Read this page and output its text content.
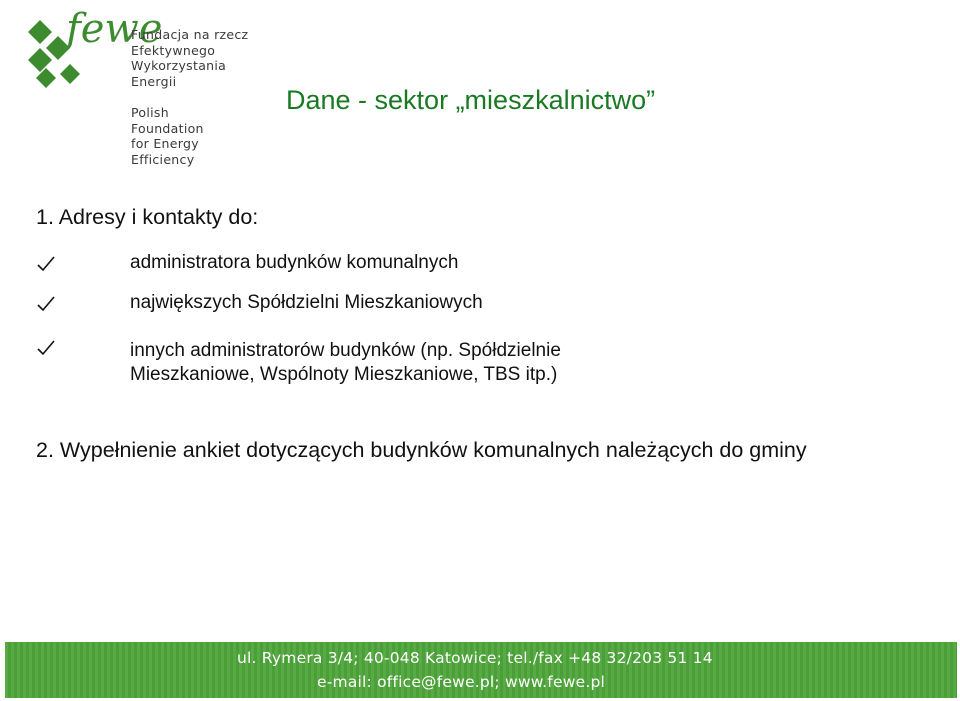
fewe
Fundacja na rzecz
Efektywnego
Wykorzystania
Energii
Polish
Foundation
for Energy
Efficiency
Dane - sektor „mieszkalnictwo”
1. Adresy i kontakty do:
administratora budynków komunalnych
największych Spółdzielni Mieszkaniowych
innych administratorów budynków (np. Spółdzielnie
Mieszkaniowe, Wspólnoty Mieszkaniowe, TBS itp.)
2. Wypełnienie ankiet dotyczących budynków komunalnych należących do gminy
ul. Rymera 3/4; 40-048 Katowice; tel./fax +48 32/203 51 14
e-mail: office@fewe.pl; www.fewe.pl
